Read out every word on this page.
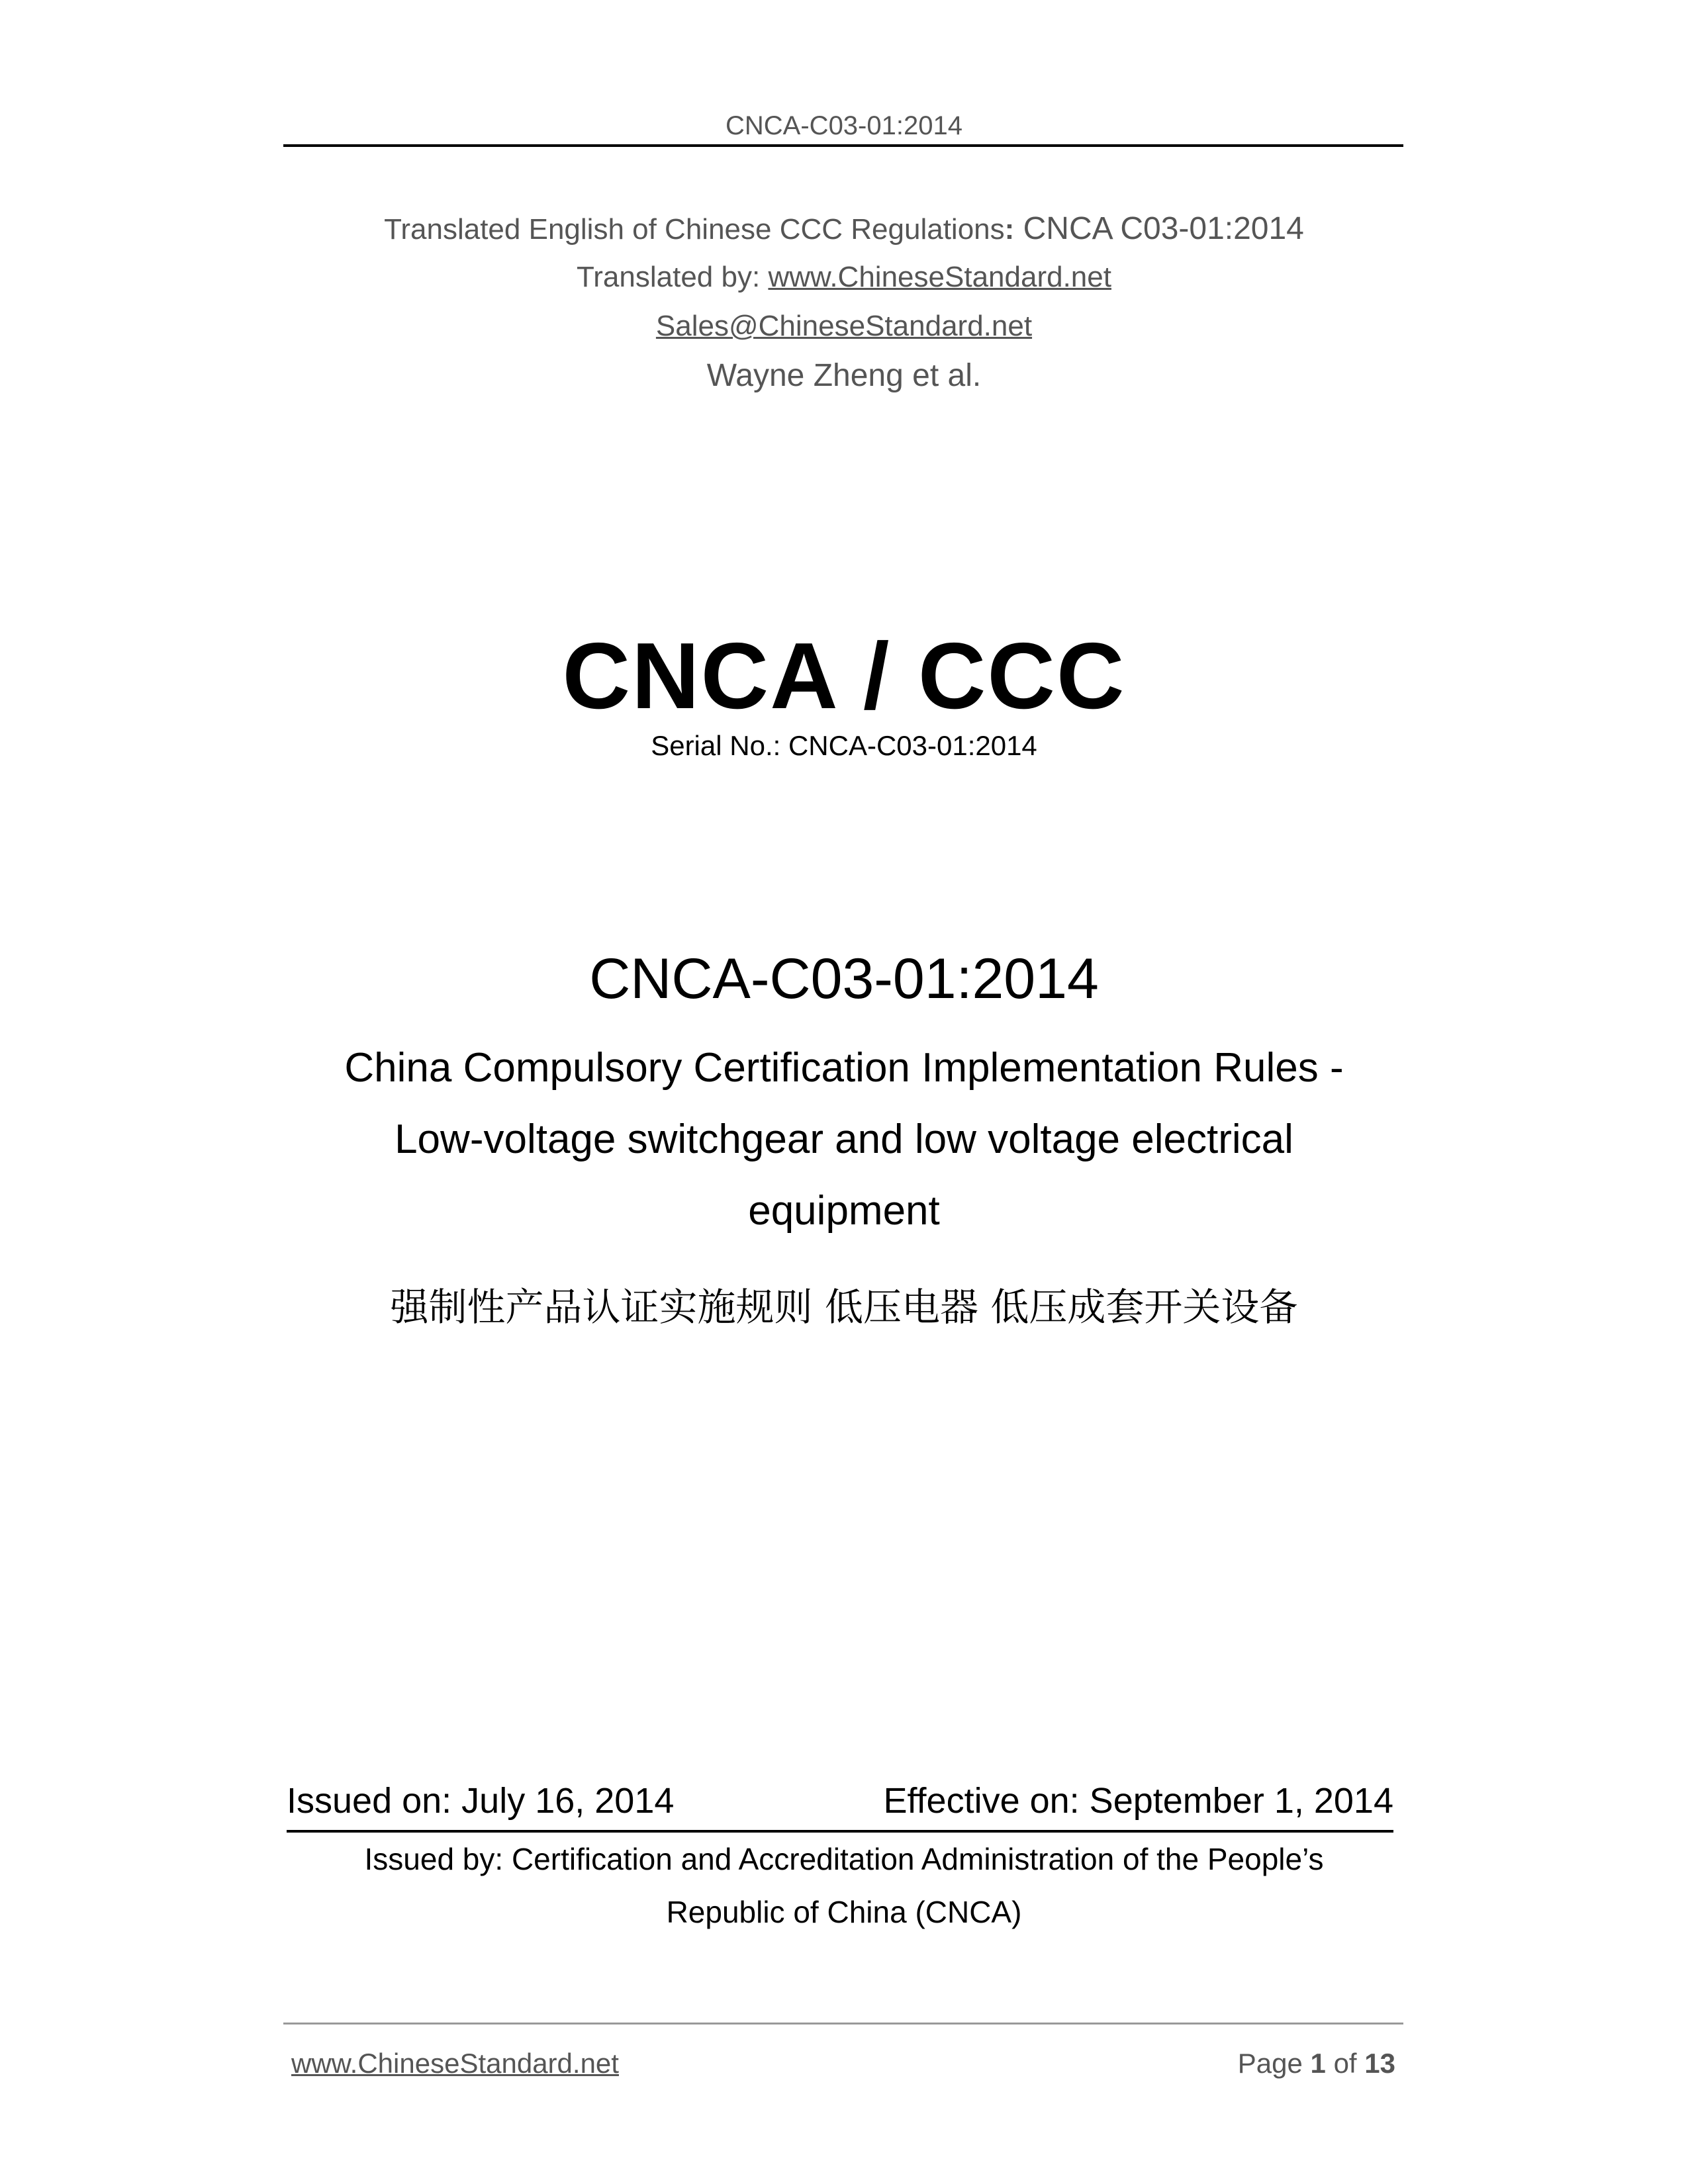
CNCA-C03-01:2014
Translated English of Chinese CCC Regulations: CNCA C03-01:2014
Translated by: www.ChineseStandard.net
Sales@ChineseStandard.net
Wayne Zheng et al.
CNCA / CCC
Serial No.: CNCA-C03-01:2014
CNCA-C03-01:2014
China Compulsory Certification Implementation Rules -
Low-voltage switchgear and low voltage electrical
equipment
强制性产品认证实施规则 低压电器 低压成套开关设备
Issued on: July 16, 2014	Effective on: September 1, 2014
Issued by: Certification and Accreditation Administration of the People’s
Republic of China (CNCA)
www.ChineseStandard.net	Page 1 of 13
